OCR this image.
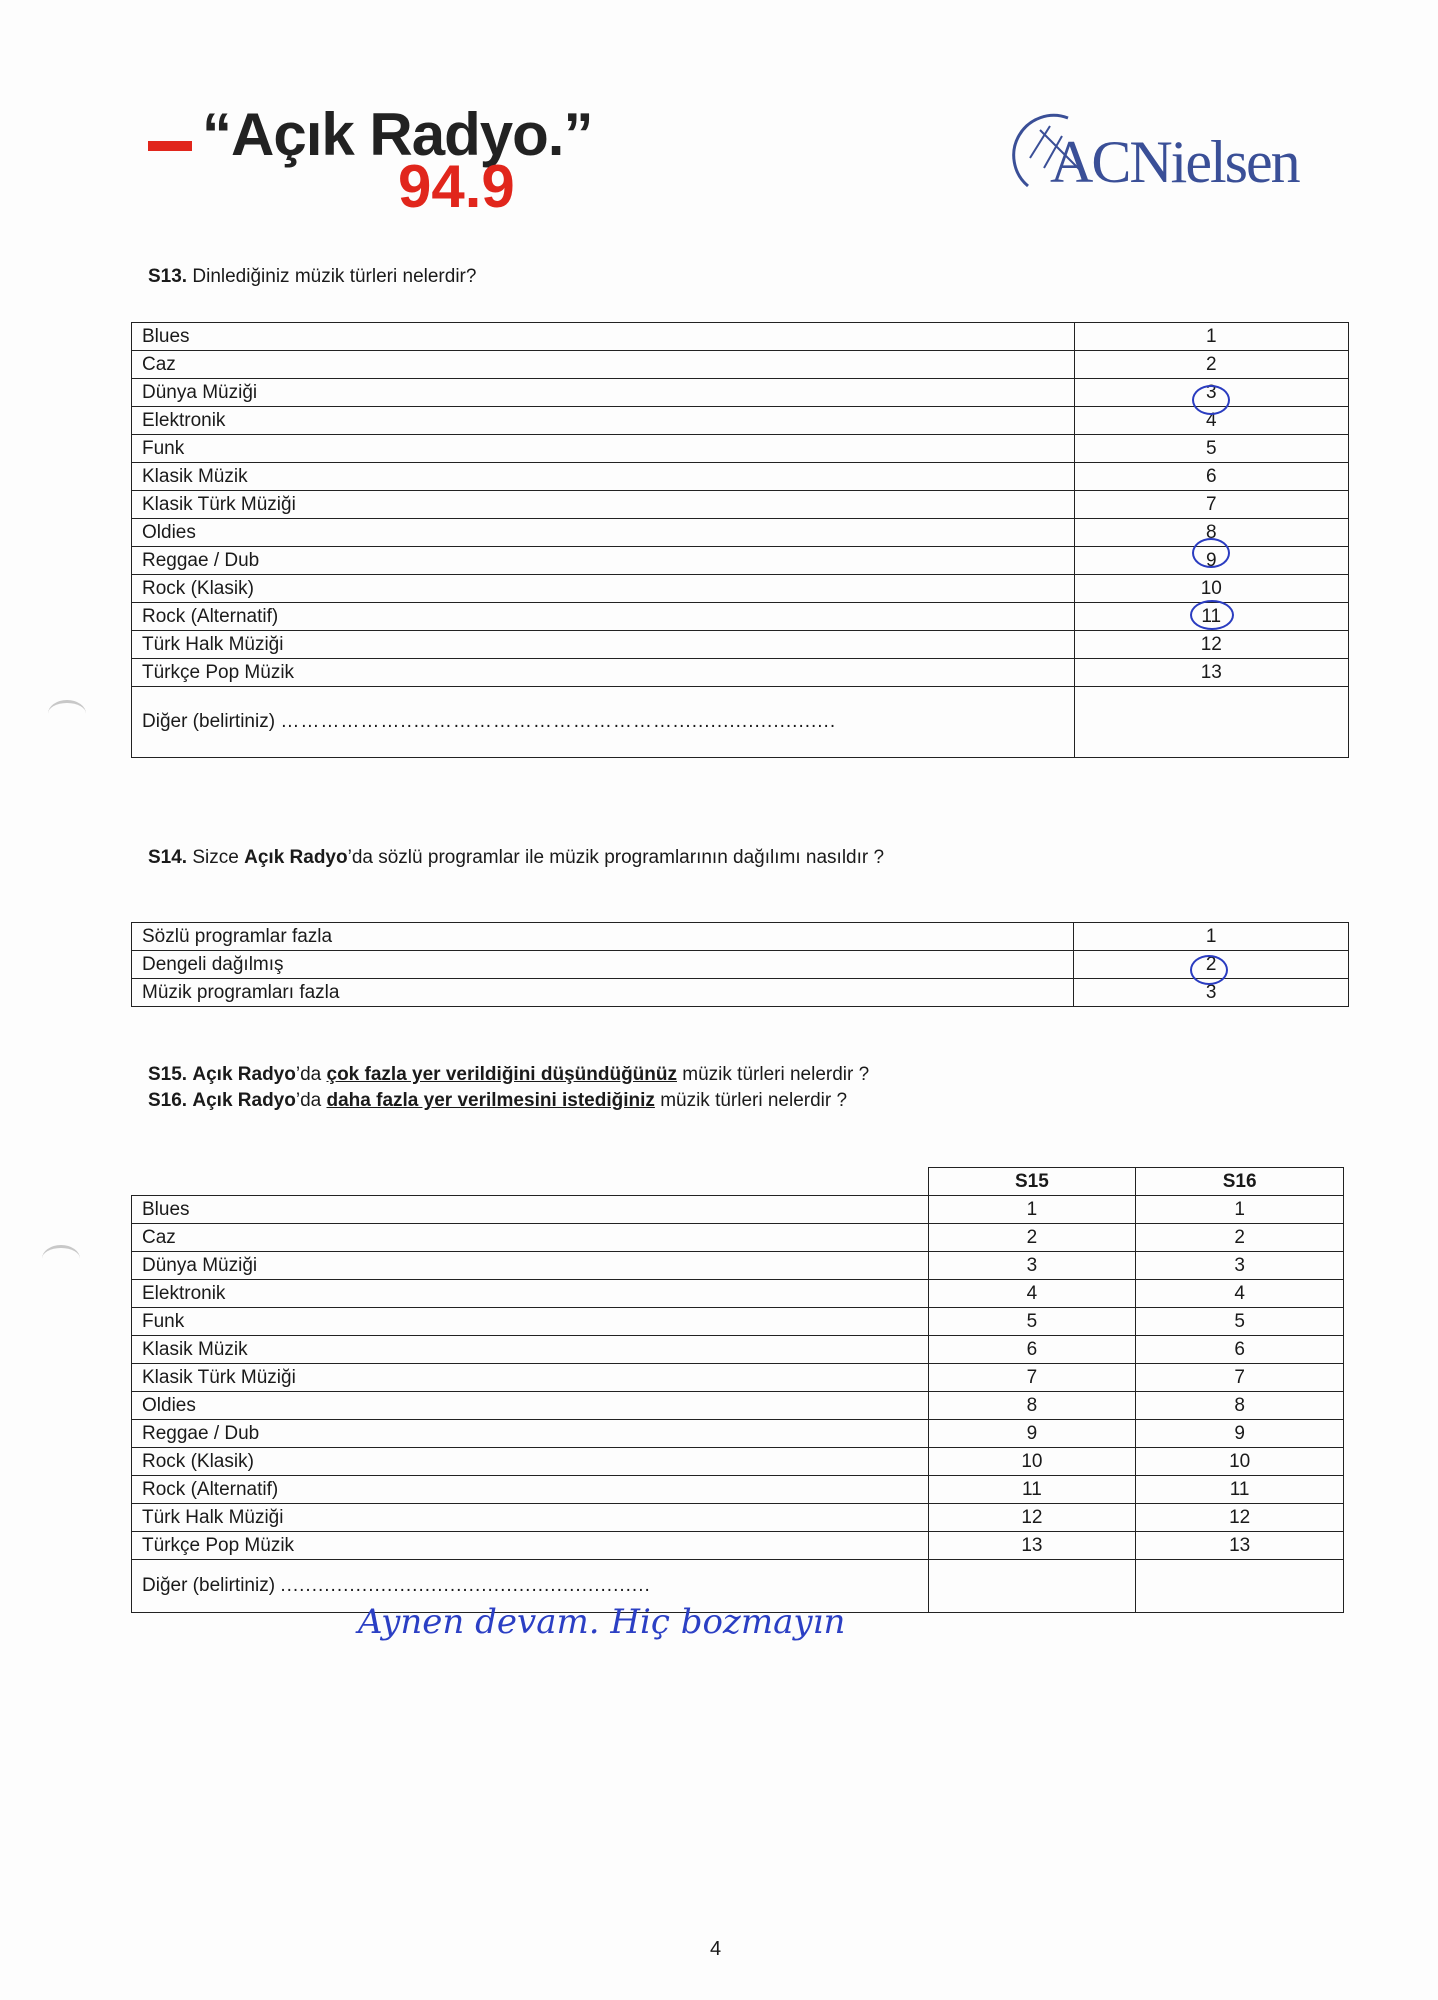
“Açık Radyo.”
94.9	ACNielsen
S13. Dinlediğiniz müzik türleri nelerdir?
Blues	1
Caz	2
Dünya Müziği	3
Elektronik	4
Funk	5
Klasik Müzik	6
Klasik Türk Müziği	7
Oldies	8
Reggae / Dub	9
Rock (Klasik)	10
Rock (Alternatif)	11
Türk Halk Müziği	12
Türkçe Pop Müzik	13
Diğer (belirtiniz) ………………..…………………………………..........................	
S14. Sizce Açık Radyo’da sözlü programlar ile müzik programlarının dağılımı nasıldır ?
Sözlü programlar fazla	1
Dengeli dağılmış	2
Müzik programları fazla	3
S15. Açık Radyo’da çok fazla yer verildiğini düşündüğünüz müzik türleri nelerdir ?
S16. Açık Radyo’da daha fazla yer verilmesini istediğiniz müzik türleri nelerdir ?
	S15	S16
Blues	1	1
Caz	2	2
Dünya Müziği	3	3
Elektronik	4	4
Funk	5	5
Klasik Müzik	6	6
Klasik Türk Müziği	7	7
Oldies	8	8
Reggae / Dub	9	9
Rock (Klasik)	10	10
Rock (Alternatif)	11	11
Türk Halk Müziği	12	12
Türkçe Pop Müzik	13	13
Diğer (belirtiniz) ...........................................................		
Aynen devam. Hiç bozmayın
4
